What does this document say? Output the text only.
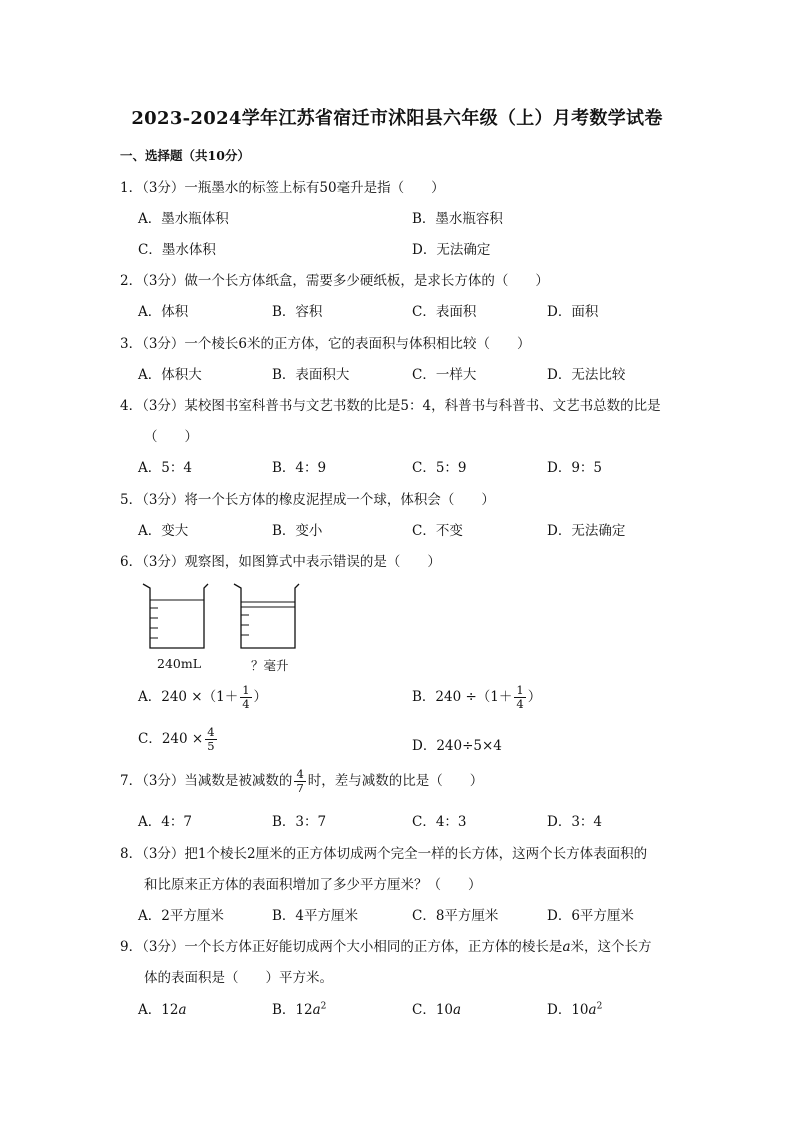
2023-2024学年江苏省宿迁市沭阳县六年级（上）月考数学试卷
一、选择题（共10分）
1．（3分）一瓶墨水的标签上标有50毫升是指（　　）
A．墨水瓶体积	B．墨水瓶容积
C．墨水体积	D．无法确定
2．（3分）做一个长方体纸盒，需要多少硬纸板，是求长方体的（　　）
A．体积	B．容积	C．表面积	D．面积
3．（3分）一个棱长6米的正方体，它的表面积与体积相比较（　　）
A．体积大	B．表面积大	C．一样大	D．无法比较
4．（3分）某校图书室科普书与文艺书数的比是5：4，科普书与科普书、文艺书总数的比是
（　　）
A．5：4	B．4：9	C．5：9	D．9：5
5．（3分）将一个长方体的橡皮泥捏成一个球，体积会（　　）
A．变大	B．变小	C．不变	D．无法确定
6．（3分）观察图，如图算式中表示错误的是（　　）
240mL	？毫升
A．$240 \times(1+ \frac{1}{4}$ ）	B．$240 \div(1+ \frac{1}{4}$ ）
C．$240 \times \frac{4}{5}$	D．240÷5×4
7．（3分）当减数是被减数的 $\frac{4}{7}$ 时，差与减数的比是（　　）
A．4：7	B．3：7	C．4：3	D．3：4
8．（3分）把1个棱长2厘米的正方体切成两个完全一样的长方体，这两个长方体表面积的
和比原来正方体的表面积增加了多少平方厘米？（　　）
A．2平方厘米	B．4平方厘米	C．8平方厘米	D．6平方厘米
9．（3分）一个长方体正好能切成两个大小相同的正方体，正方体的棱长是a米，这个长方
体的表面积是（　　）平方米。
A．12a	B．$12a^2$	C．10a	D．$10a^2$
